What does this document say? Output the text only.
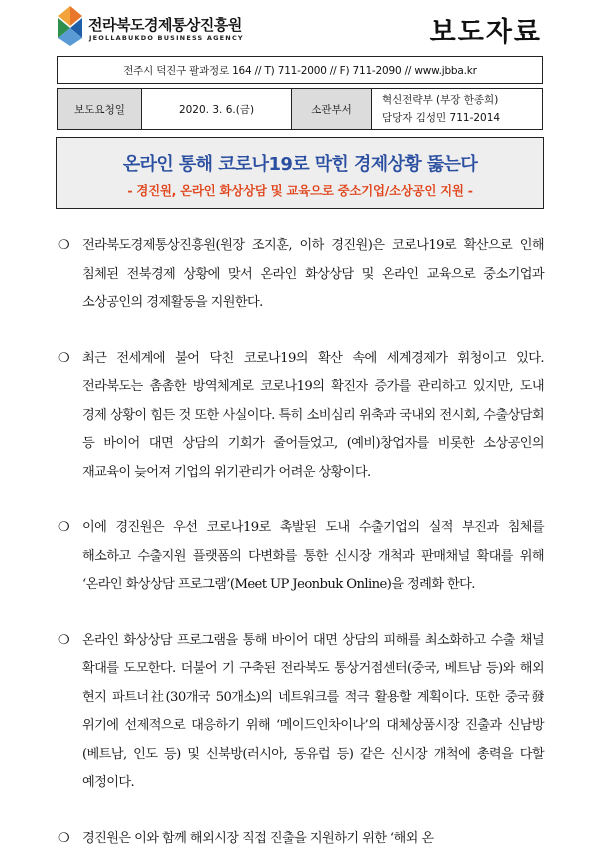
전라북도경제통상진흥원
JEOLLABUKDO BUSINESS AGENCY	보도자료
전주시 덕진구 팔과정로 164 // T) 711-2000 // F) 711-2090 // www.jbba.kr
보도요청일	2020. 3. 6.(금)	소관부서	
혁신전략부 (부장 한종희)
담당자 김성민 711-2014
온라인 통해 코로나19로 막힌 경제상황 뚫는다
- 경진원, 온라인 화상상담 및 교육으로 중소기업/소상공인 지원 -
❍ 전라북도경제통상진흥원(원장 조지훈, 이하 경진원)은 코로나19로 확산으로 인해 침체된 전북경제 상황에 맞서 온라인 화상상담 및 온라인 교육으로 중소기업과 소상공인의 경제활동을 지원한다.
❍ 최근 전세계에 불어 닥친 코로나19의 확산 속에 세계경제가 휘청이고 있다. 전라북도는 촘촘한 방역체계로 코로나19의 확진자 증가를 관리하고 있지만, 도내 경제 상황이 힘든 것 또한 사실이다. 특히 소비심리 위축과 국내외 전시회, 수출상담회 등 바이어 대면 상담의 기회가 줄어들었고, (예비)창업자를 비롯한 소상공인의 재교육이 늦어져 기업의 위기관리가 어려운 상황이다.
❍ 이에 경진원은 우선 코로나19로 촉발된 도내 수출기업의 실적 부진과 침체를 해소하고 수출지원 플랫폼의 다변화를 통한 신시장 개척과 판매채널 확대를 위해 ‘온라인 화상상담 프로그램’(Meet UP Jeonbuk Online)을 정례화 한다.
❍ 온라인 화상상담 프로그램을 통해 바이어 대면 상담의 피해를 최소화하고 수출 채널 확대를 도모한다. 더불어 기 구축된 전라북도 통상거점센터(중국, 베트남 등)와 해외 현지 파트너社(30개국 50개소)의 네트워크를 적극 활용할 계획이다. 또한 중국發 위기에 선제적으로 대응하기 위해 ‘메이드인차이나’의 대체상품시장 진출과 신남방(베트남, 인도 등) 및 신북방(러시아, 동유럽 등) 같은 신시장 개척에 총력을 다할 예정이다.
❍ 경진원은 이와 함께 해외시장 직접 진출을 지원하기 위한 ‘해외 온
